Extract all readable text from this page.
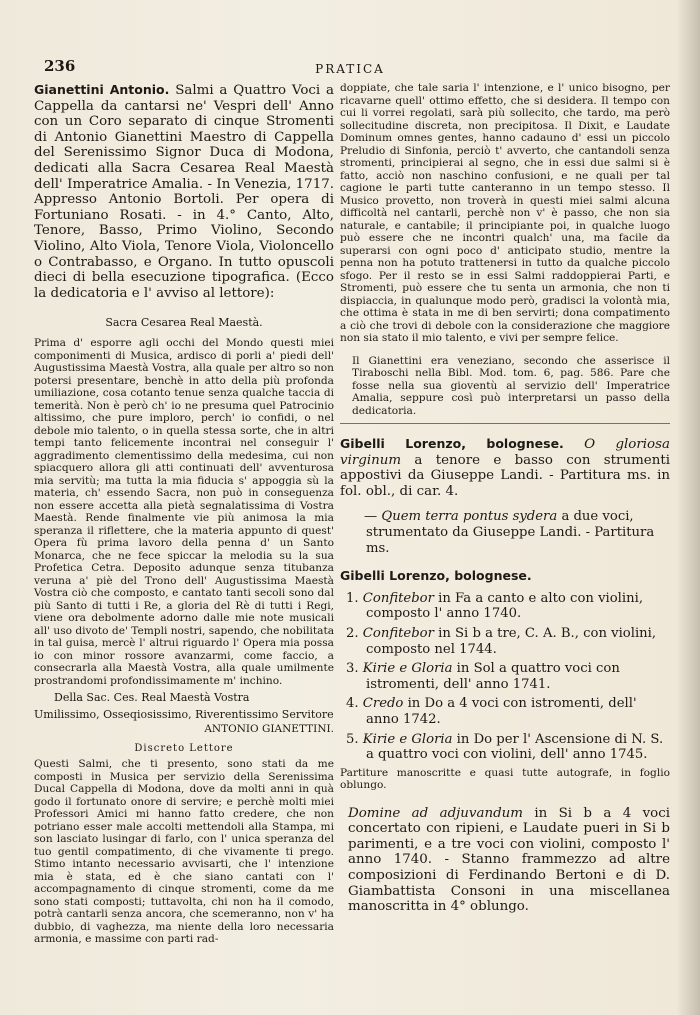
236	PRATICA

Gianettini Antonio. Salmi a Quattro Voci a Cappella da cantarsi ne' Vespri dell' Anno con un Coro separato di cinque Stromenti di Antonio Gianettini Maestro di Cappella del Serenissimo Signor Duca di Modona, dedicati alla Sacra Cesarea Real Maestà dell' Imperatrice Amalia. - In Venezia, 1717. Appresso Antonio Bortoli. Per opera di Fortuniano Rosati. - in 4.° Canto, Alto, Tenore, Basso, Primo Violino, Secondo Violino, Alto Viola, Tenore Viola, Violoncello o Contrabasso, e Organo. In tutto opuscoli dieci di bella esecuzione tipografica. (Ecco la dedicatoria e l' avviso al lettore):

Sacra Cesarea Real Maestà.

Prima d' esporre agli occhi del Mondo questi miei componimenti di Musica, ardisco di porli a' piedi dell' Augustissima Maestà Vostra, alla quale per altro so non potersi presentare, benchè in atto della più profonda umiliazione, cosa cotanto tenue senza qualche taccia di temerità. Non è però ch' io ne presuma quel Patrocinio altissimo, che pure imploro, perch' io confidi, o nel debole mio talento, o in quella stessa sorte, che in altri tempi tanto felicemente incontrai nel conseguir l' aggradimento clementissimo della medesima, cui non spiacquero allora gli atti continuati dell' avventurosa mia servitù; ma tutta la mia fiducia s' appoggia sù la materia, ch' essendo Sacra, non può in conseguenza non essere accetta alla pietà segnalatissima di Vostra Maestà. Rende finalmente vie più animosa la mia speranza il riflettere, che la materia appunto di quest' Opera fù prima lavoro della penna d' un Santo Monarca, che ne fece spiccar la melodia su la sua Profetica Cetra. Deposito adunque senza titubanza veruna a' piè del Trono dell' Augustissima Maestà Vostra ciò che composto, e cantato tanti secoli sono dal più Santo di tutti i Re, a gloria del Rè di tutti i Regi, viene ora debolmente adorno dalle mie note musicali all' uso divoto de' Templi nostri, sapendo, che nobilitata in tal guisa, mercè l' altrui riguardo l' Opera mia possa io con minor rossore avanzarmi, come faccio, a consecrarla alla Maestà Vostra, alla quale umilmente prostrandomi profondissimamente m' inchino.

Della Sac. Ces. Real Maestà Vostra
Umilissimo, Osseqiosissimo, Riverentissimo Servitore
ANTONIO GIANETTINI.
Discreto Lettore

Questi Salmi, che ti presento, sono stati da me composti in Musica per servizio della Serenissima Ducal Cappella di Modona, dove da molti anni in quà godo il fortunato onore di servire; e perchè molti miei Professori Amici mi hanno fatto credere, che non potriano esser male accolti mettendoli alla Stampa, mi son lasciato lusingar di farlo, con l' unica speranza del tuo gentil compatimento, di che vivamente ti prego. Stimo intanto necessario avvisarti, che l' intenzione mia è stata, ed è che siano cantati con l' accompagnamento di cinque stromenti, come da me sono stati composti; tuttavolta, chi non ha il comodo, potrà cantarli senza ancora, che scemeranno, non v' ha dubbio, di vaghezza, ma niente della loro necessaria armonia, e massime con parti rad-

doppiate, che tale saria l' intenzione, e l' unico bisogno, per ricavarne quell' ottimo effetto, che si desidera. Il tempo con cui li vorrei regolati, sarà più sollecito, che tardo, ma però sollecitudine discreta, non precipitosa. Il Dixit, e Laudate Dominum omnes gentes, hanno cadauno d' essi un piccolo Preludio di Sinfonia, perciò t' avverto, che cantandoli senza stromenti, principierai al segno, che in essi due salmi si è fatto, acciò non naschino confusioni, e ne quali per tal cagione le parti tutte canteranno in un tempo stesso. Il Musico provetto, non troverà in questi miei salmi alcuna difficoltà nel cantarli, perchè non v' è passo, che non sia naturale, e cantabile; il principiante poi, in qualche luogo può essere che ne incontri qualch' una, ma facile da superarsi con ogni poco d' anticipato studio, mentre la penna non ha potuto trattenersi in tutto da qualche piccolo sfogo. Per il resto se in essi Salmi raddoppierai Parti, e Stromenti, può essere che tu senta un armonia, che non ti dispiaccia, in qualunque modo però, gradisci la volontà mia, che ottima è stata in me di ben servirti; dona compatimento a ciò che trovi di debole con la considerazione che maggiore non sia stato il mio talento, e vivi per sempre felice.

Il Gianettini era veneziano, secondo che asserisce il Tiraboschi nella Bibl. Mod. tom. 6, pag. 586. Pare che fosse nella sua gioventù al servizio dell' Imperatrice Amalia, seppure così può interpretarsi un passo della dedicatoria.

Gibelli Lorenzo, bolognese. O gloriosa virginum a tenore e basso con strumenti appostivi da Giuseppe Landi. - Partitura ms. in fol. obl., di car. 4.

— Quem terra pontus sydera a due voci, strumentato da Giuseppe Landi. - Partitura ms.

Gibelli Lorenzo, bolognese.

1. Confitebor in Fa a canto e alto con violini, composto l' anno 1740.
2. Confitebor in Si b a tre, C. A. B., con violini, composto nel 1744.
3. Kirie e Gloria in Sol a quattro voci con istromenti, dell' anno 1741.
4. Credo in Do a 4 voci con istromenti, dell' anno 1742.
5. Kirie e Gloria in Do per l' Ascensione di N. S. a quattro voci con violini, dell' anno 1745.

Partiture manoscritte e quasi tutte autografe, in foglio oblungo.

Domine ad adjuvandum in Si b a 4 voci concertato con ripieni, e Laudate pueri in Si b parimenti, e a tre voci con violini, composto l' anno 1740. - Stanno frammezzo ad altre composizioni di Ferdinando Bertoni e di D. Giambattista Consoni in una miscellanea manoscritta in 4° oblungo.
